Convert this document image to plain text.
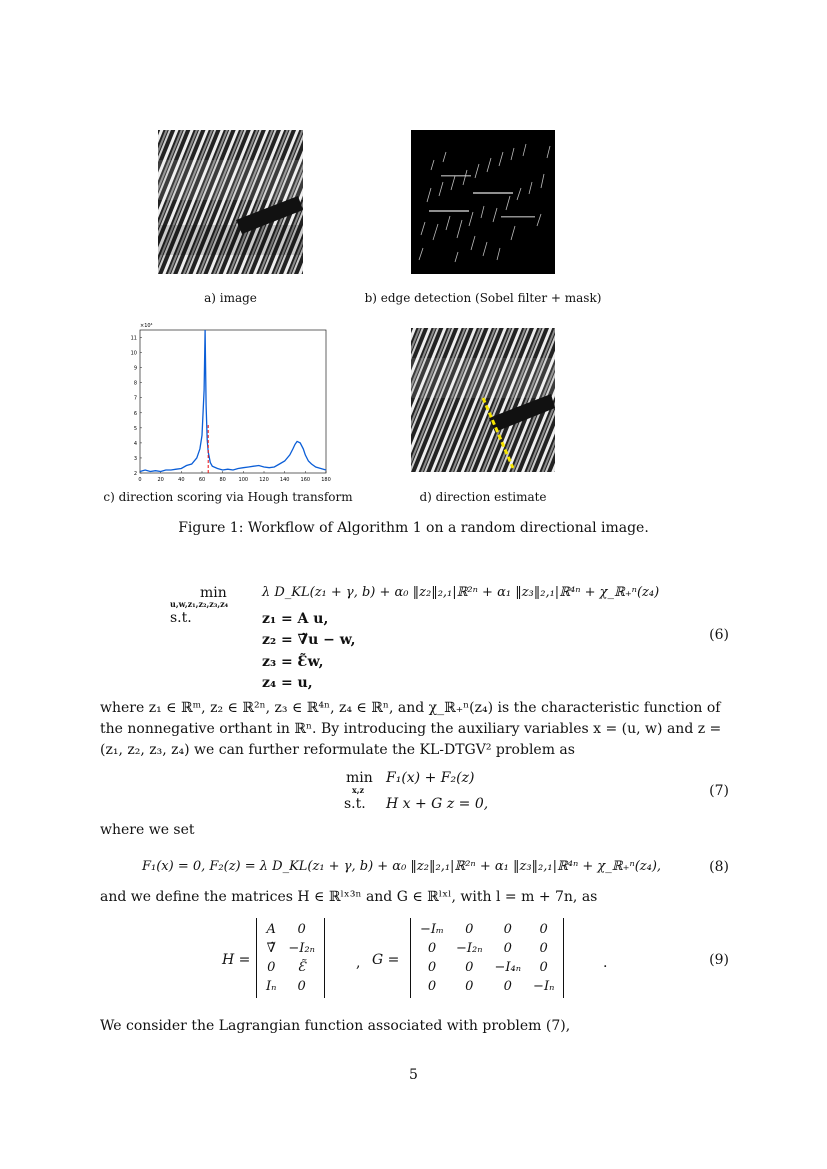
×10⁴
2
3
4
5
6
7
8
9
10
11
0	20	40	60	80	100 120 140 160 180
a) image	b) edge detection (Sobel filter + mask)
c) direction scoring via Hough transform	d) direction estimate
Figure 1: Workflow of Algorithm 1 on a random directional image.
min
u,w,z₁,z₂,z₃,z₄
λ D_KL(z₁ + γ, b) + α₀ ‖z₂‖₂,₁|ℝ²ⁿ + α₁ ‖z₃‖₂,₁|ℝ⁴ⁿ + χ_ℝ₊ⁿ(z₄)
s.t.	z₁ = A u,
z₂ = ∇̃u − w,
z₃ = Ɛ̃w,
z₄ = u,
(6)
where z₁ ∈ ℝᵐ, z₂ ∈ ℝ²ⁿ, z₃ ∈ ℝ⁴ⁿ, z₄ ∈ ℝⁿ, and χ_ℝ₊ⁿ(z₄) is the characteristic function of
the nonnegative orthant in ℝⁿ. By introducing the auxiliary variables x = (u, w) and z =
(z₁, z₂, z₃, z₄) we can further reformulate the KL-DTGV² problem as
min
x,z
F₁(x) + F₂(z)
s.t. H x + G z = 0,
(7)
where we set
F₁(x) = 0, F₂(z) = λ D_KL(z₁ + γ, b) + α₀ ‖z₂‖₂,₁|ℝ²ⁿ + α₁ ‖z₃‖₂,₁|ℝ⁴ⁿ + χ_ℝ₊ⁿ(z₄),	(8)
and we define the matrices H ∈ ℝˡˣ³ⁿ and G ∈ ℝˡˣˡ, with l = m + 7n, as
H =
A	0
∇̃	−I₂ₙ
0	Ɛ̃
Iₙ	0
, G =
−Iₘ	0	0	0
0	−I₂ₙ	0	0
0	0	−I₄ₙ	0
0	0	0	−Iₙ
.	(9)
We consider the Lagrangian function associated with problem (7),
5
